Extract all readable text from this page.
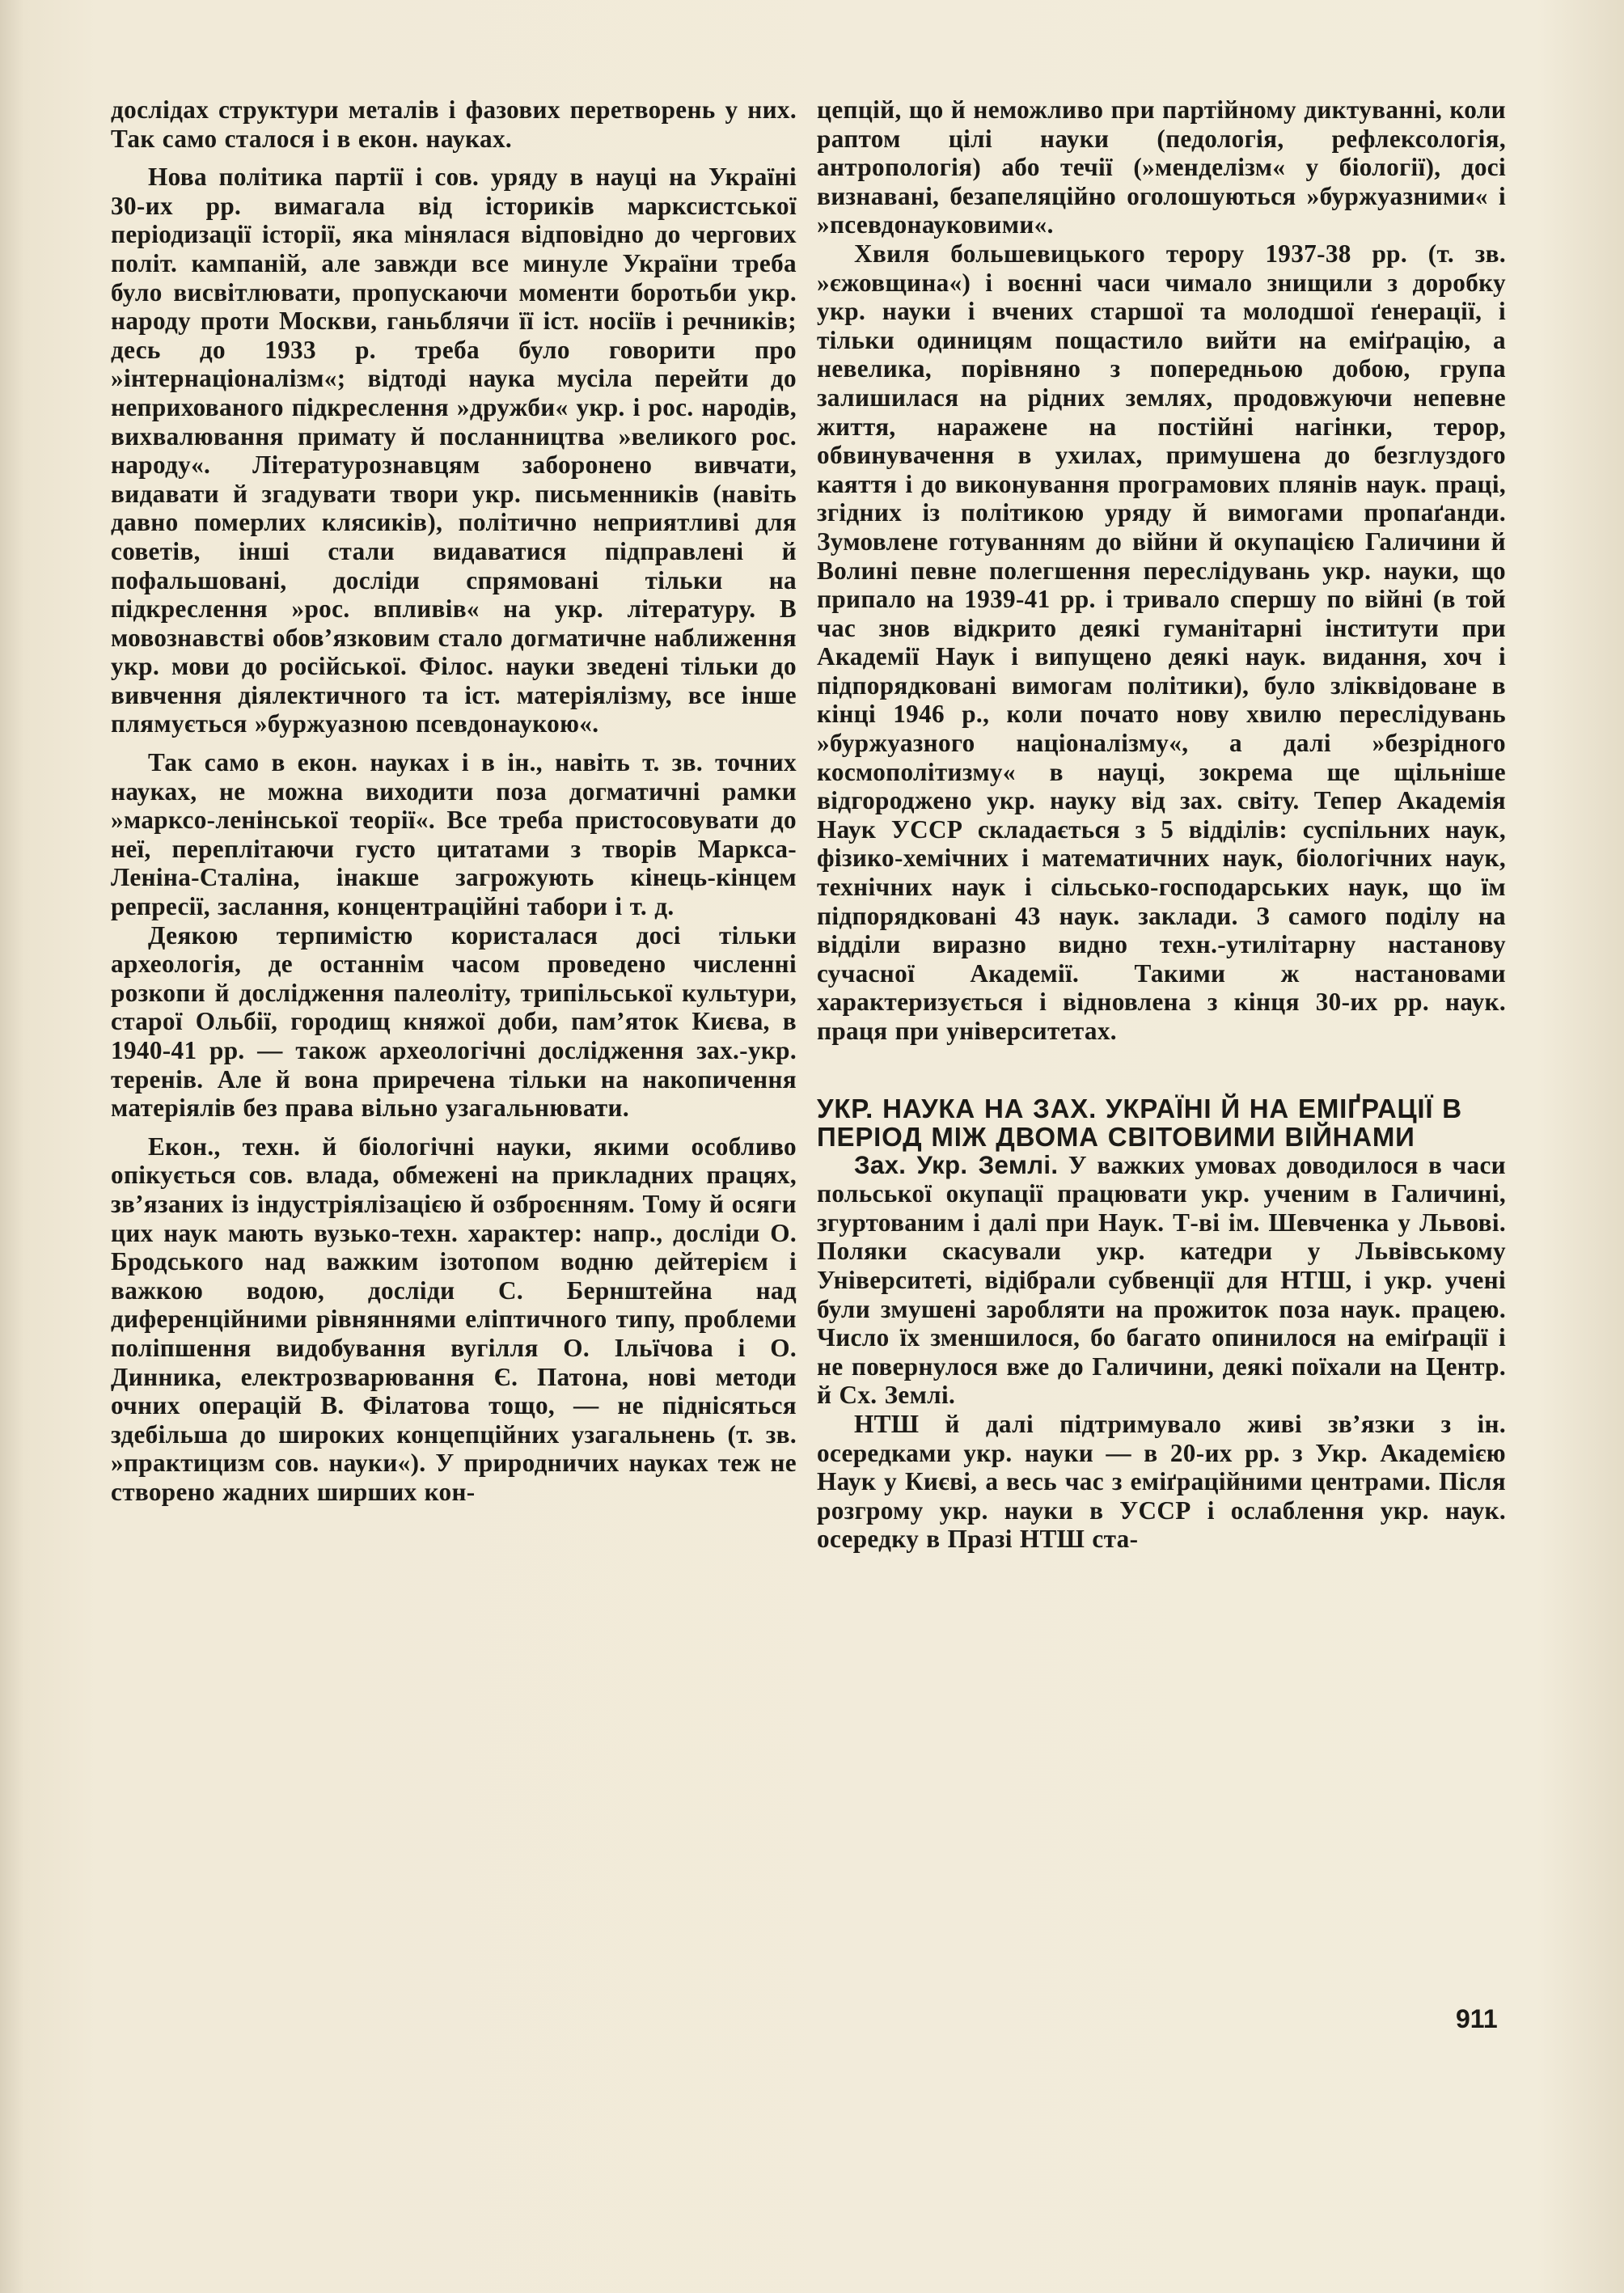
дослідах структури металів і фазових перетворень у них. Так само сталося і в екон. науках.

Нова політика партії і сов. уряду в науці на Україні 30-их рр. вимагала від істориків марксистської періодизації історії, яка мінялася відповідно до чергових політ. кампаній, але завжди все минуле України треба було висвітлювати, пропускаючи моменти боротьби укр. народу проти Москви, ганьблячи її іст. носіїв і речників; десь до 1933 р. треба було говорити про »інтернаціоналізм«; відтоді наука мусіла перейти до неприхованого підкреслення »дружби« укр. і рос. народів, вихвалювання примату й посланництва »великого рос. народу«. Літературознавцям заборонено вивчати, видавати й згадувати твори укр. письменників (навіть давно померлих клясиків), політично неприятливі для советів, інші стали видаватися підправлені й пофальшовані, досліди спрямовані тільки на підкреслення »рос. впливів« на укр. літературу. В мовознавстві обов’язковим стало догматичне наближення укр. мови до російської. Філос. науки зведені тільки до вивчення діялектичного та іст. матеріялізму, все інше плямується »буржуазною псевдонаукою«.

Так само в екон. науках і в ін., навіть т. зв. точних науках, не можна виходити поза догматичні рамки »марксо-ленінської теорії«. Все треба пристосовувати до неї, переплітаючи густо цитатами з творів Маркса-Леніна-Сталіна, інакше загрожують кінець-кінцем репресії, заслання, концентраційні табори і т. д.

Деякою терпимістю користалася досі тільки археологія, де останнім часом проведено численні розкопи й дослідження палеоліту, трипільської культури, старої Ольбії, городищ княжої доби, пам’яток Києва, в 1940-41 рр. — також археологічні дослідження зах.-укр. теренів. Але й вона приречена тільки на накопичення матеріялів без права вільно узагальнювати.

Екон., техн. й біологічні науки, якими особливо опікується сов. влада, обмежені на прикладних працях, зв’язаних із індустріялізацією й озброєнням. Тому й осяги цих наук мають вузько-техн. характер: напр., досліди О. Бродського над важким ізотопом водню дейтерієм і важкою водою, досліди С. Бернштейна над диференційними рівняннями еліптичного типу, проблеми поліпшення видобування вугілля О. Ільїчова і О. Динника, електрозварювання Є. Патона, нові методи очних операцій В. Філатова тощо, — не піднісяться здебільша до широких концепційних узагальнень (т. зв. »практицизм сов. науки«). У природничих науках теж не створено жадних ширших кон-

цепцій, що й неможливо при партійному диктуванні, коли раптом цілі науки (педологія, рефлексологія, антропологія) або течії (»менделізм« у біології), досі визнавані, безапеляційно оголошуються »буржуазними« і »псевдонауковими«.

Хвиля большевицького терору 1937-38 рр. (т. зв. »єжовщина«) і воєнні часи чимало знищили з доробку укр. науки і вчених старшої та молодшої ґенерації, і тільки одиницям пощастило вийти на еміґрацію, а невелика, порівняно з попередньою добою, група залишилася на рідних землях, продовжуючи непевне життя, наражене на постійні нагінки, терор, обвинувачення в ухилах, примушена до безглуздого каяття і до виконування програмових плянів наук. праці, згідних із політикою уряду й вимогами пропаґанди. Зумовлене готуванням до війни й окупацією Галичини й Волині певне полегшення переслідувань укр. науки, що припало на 1939-41 рр. і тривало спершу по війні (в той час знов відкрито деякі гуманітарні інститути при Академії Наук і випущено деякі наук. видання, хоч і підпорядковані вимогам політики), було зліквідоване в кінці 1946 р., коли почато нову хвилю переслідувань »буржуазного націоналізму«, а далі »безрідного космополітизму« в науці, зокрема ще щільніше відгороджено укр. науку від зах. світу. Тепер Академія Наук УССР складається з 5 відділів: суспільних наук, фізико-хемічних і математичних наук, біологічних наук, технічних наук і сільсько-господарських наук, що їм підпорядковані 43 наук. заклади. З самого поділу на відділи виразно видно техн.-утилітарну настанову сучасної Академії. Такими ж настановами характеризується і відновлена з кінця 30-их рр. наук. праця при університетах.

УКР. НАУКА НА ЗАХ. УКРАЇНІ Й НА ЕМІҐРАЦІЇ В ПЕРІОД МІЖ ДВОМА СВІТОВИМИ ВІЙНАМИ

Зах. Укр. Землі. У важких умовах доводилося в часи польської окупації працювати укр. ученим в Галичині, згуртованим і далі при Наук. Т-ві ім. Шевченка у Львові. Поляки скасували укр. катедри у Львівському Університеті, відібрали субвенції для НТШ, і укр. учені були змушені заробляти на прожиток поза наук. працею. Число їх зменшилося, бо багато опинилося на еміґрації і не повернулося вже до Галичини, деякі поїхали на Центр. й Сх. Землі.

НТШ й далі підтримувало живі зв’язки з ін. осередками укр. науки — в 20-их рр. з Укр. Академією Наук у Києві, а весь час з еміґраційними центрами. Після розгрому укр. науки в УССР і ослаблення укр. наук. осередку в Празі НТШ ста-

911
